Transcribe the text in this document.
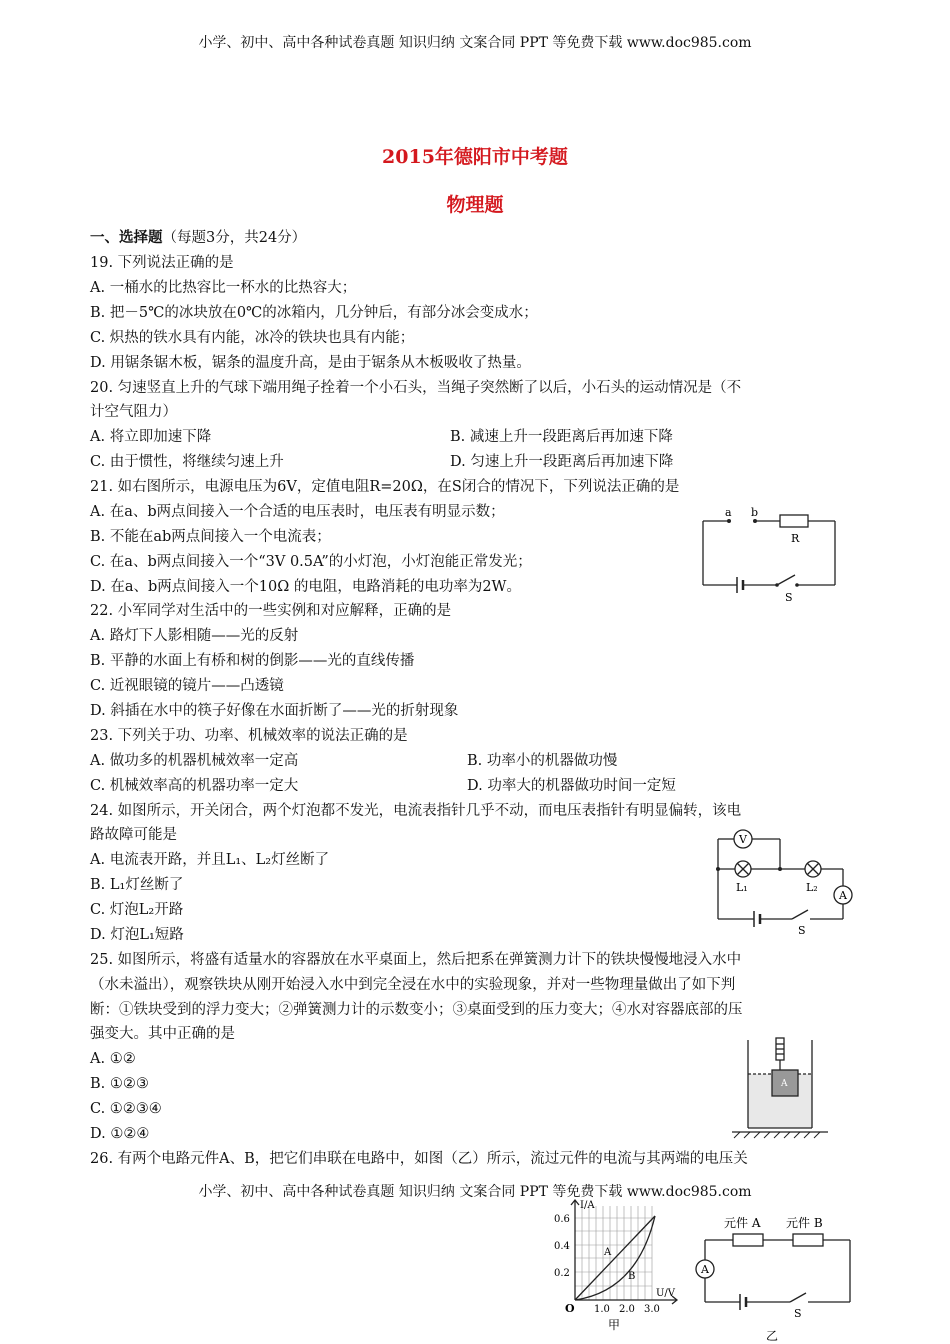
小学、初中、高中各种试卷真题 知识归纳 文案合同 PPT 等免费下载 www.doc985.com
2015年德阳市中考题
物理题
一、选择题（每题3分，共24分）
19. 下列说法正确的是
A. 一桶水的比热容比一杯水的比热容大；
B. 把－5℃的冰块放在0℃的冰箱内，几分钟后，有部分冰会变成水；
C. 炽热的铁水具有内能，冰冷的铁块也具有内能；
D. 用锯条锯木板，锯条的温度升高，是由于锯条从木板吸收了热量。
20. 匀速竖直上升的气球下端用绳子拴着一个小石头，当绳子突然断了以后，小石头的运动情况是（不
计空气阻力）
A. 将立即加速下降	B. 减速上升一段距离后再加速下降
C. 由于惯性，将继续匀速上升	D. 匀速上升一段距离后再加速下降
21. 如右图所示，电源电压为6V，定值电阻R=20Ω，在S闭合的情况下，下列说法正确的是
A. 在a、b两点间接入一个合适的电压表时，电压表有明显示数；
B. 不能在ab两点间接入一个电流表；
C. 在a、b两点间接入一个“3V 0.5A”的小灯泡，小灯泡能正常发光；
D. 在a、b两点间接入一个10Ω 的电阻，电路消耗的电功率为2W。
a b
R
S
22. 小军同学对生活中的一些实例和对应解释，正确的是
A. 路灯下人影相随——光的反射
B. 平静的水面上有桥和树的倒影——光的直线传播
C. 近视眼镜的镜片——凸透镜
D. 斜插在水中的筷子好像在水面折断了——光的折射现象
23. 下列关于功、功率、机械效率的说法正确的是
A. 做功多的机器机械效率一定高	B. 功率小的机器做功慢
C. 机械效率高的机器功率一定大	D. 功率大的机器做功时间一定短
24. 如图所示，开关闭合，两个灯泡都不发光，电流表指针几乎不动，而电压表指针有明显偏转，该电
路故障可能是
A. 电流表开路，并且L₁、L₂灯丝断了
B. L₁灯丝断了
C. 灯泡L₂开路
D. 灯泡L₁短路
V
A
L₁	L₂
S
25. 如图所示，将盛有适量水的容器放在水平桌面上，然后把系在弹簧测力计下的铁块慢慢地浸入水中
（水未溢出），观察铁块从刚开始浸入水中到完全浸在水中的实验现象，并对一些物理量做出了如下判
断：①铁块受到的浮力变大；②弹簧测力计的示数变小；③桌面受到的压力变大；④水对容器底部的压
强变大。其中正确的是
A. ①②
B. ①②③
C. ①②③④
D. ①②④
A
26. 有两个电路元件A、B，把它们串联在电路中，如图（乙）所示，流过元件的电流与其两端的电压关
小学、初中、高中各种试卷真题 知识归纳 文案合同 PPT 等免费下载 www.doc985.com
I/A
U/V
O
0.6
0.4
0.2
1.0 2.0 3.0
A
B
甲
元件 A 元件 B
A
S
乙
